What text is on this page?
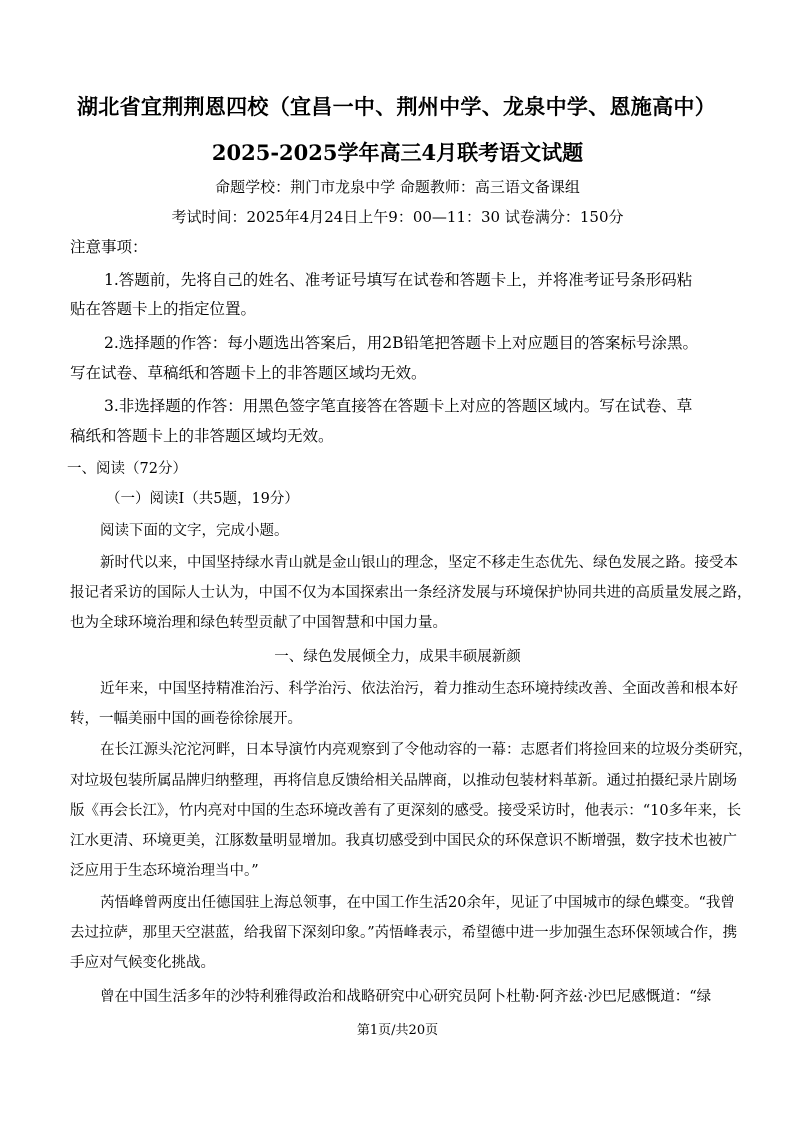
湖北省宜荆荆恩四校（宜昌一中、荆州中学、龙泉中学、恩施高中）
2025-2025学年高三4月联考语文试题
命题学校：荆门市龙泉中学 命题教师：高三语文备课组
考试时间：2025年4月24日上午9：00—11：30 试卷满分：150分
注意事项：
1.答题前，先将自己的姓名、准考证号填写在试卷和答题卡上，并将准考证号条形码粘
贴在答题卡上的指定位置。
2.选择题的作答：每小题选出答案后，用2B铅笔把答题卡上对应题目的答案标号涂黑。
写在试卷、草稿纸和答题卡上的非答题区域均无效。
3.非选择题的作答：用黑色签字笔直接答在答题卡上对应的答题区域内。写在试卷、草
稿纸和答题卡上的非答题区域均无效。
一、阅读（72分）
（一）阅读Ⅰ（共5题，19分）
阅读下面的文字，完成小题。
新时代以来，中国坚持绿水青山就是金山银山的理念，坚定不移走生态优先、绿色发展之路。接受本
报记者采访的国际人士认为，中国不仅为本国探索出一条经济发展与环境保护协同共进的高质量发展之路，
也为全球环境治理和绿色转型贡献了中国智慧和中国力量。
一、绿色发展倾全力，成果丰硕展新颜
近年来，中国坚持精准治污、科学治污、依法治污，着力推动生态环境持续改善、全面改善和根本好
转，一幅美丽中国的画卷徐徐展开。
在长江源头沱沱河畔，日本导演竹内亮观察到了令他动容的一幕：志愿者们将捡回来的垃圾分类研究，
对垃圾包装所属品牌归纳整理，再将信息反馈给相关品牌商，以推动包装材料革新。通过拍摄纪录片剧场
版《再会长江》，竹内亮对中国的生态环境改善有了更深刻的感受。接受采访时，他表示：“10多年来，长
江水更清、环境更美，江豚数量明显增加。我真切感受到中国民众的环保意识不断增强，数字技术也被广
泛应用于生态环境治理当中。”
芮悟峰曾两度出任德国驻上海总领事，在中国工作生活20余年，见证了中国城市的绿色蝶变。“我曾
去过拉萨，那里天空湛蓝，给我留下深刻印象。”芮悟峰表示，希望德中进一步加强生态环保领域合作，携
手应对气候变化挑战。
曾在中国生活多年的沙特利雅得政治和战略研究中心研究员阿卜杜勒·阿齐兹·沙巴尼感慨道：“绿
第1页/共20页
